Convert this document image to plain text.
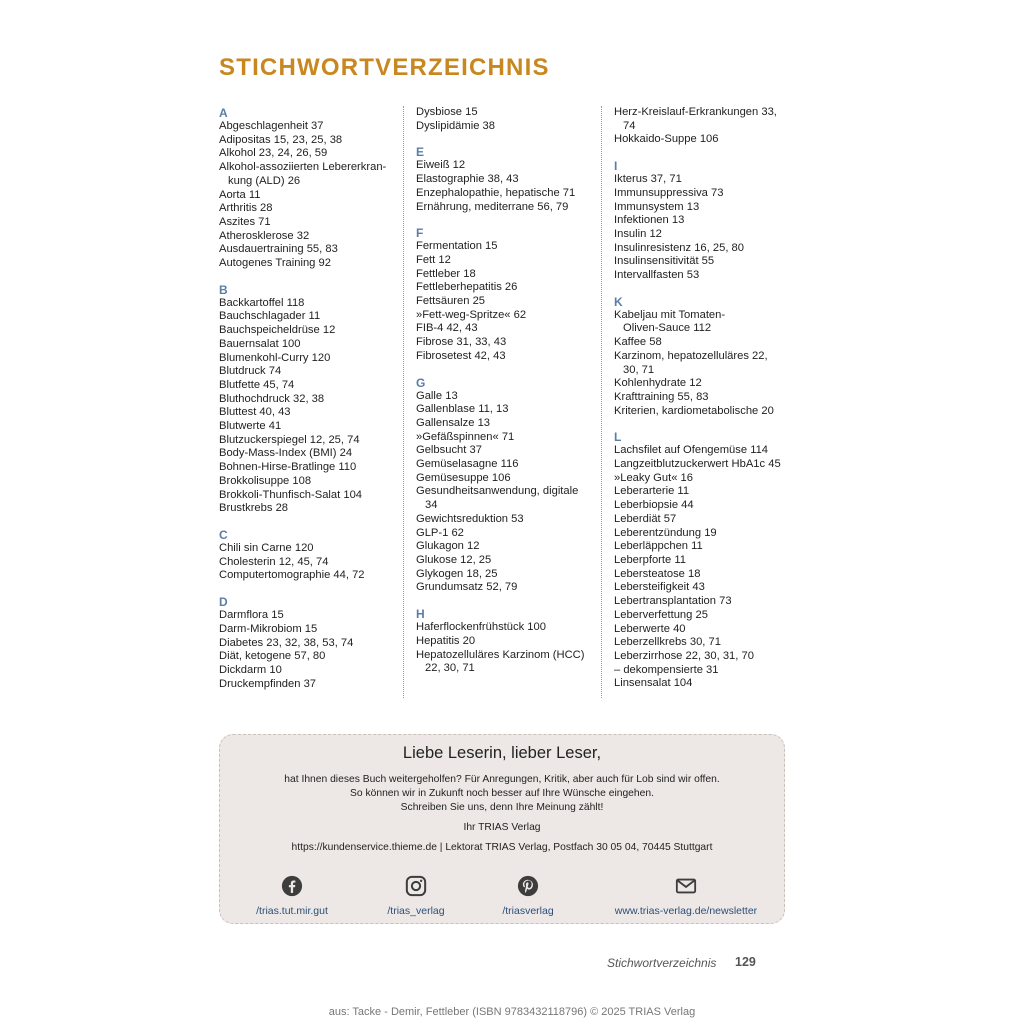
STICHWORTVERZEICHNIS
A
Abgeschlagenheit 37
Adipositas 15, 23, 25, 38
Alkohol 23, 24, 26, 59
Alkohol-assoziierten Lebererkran-
kung (ALD) 26
Aorta 11
Arthritis 28
Aszites 71
Atherosklerose 32
Ausdauertraining 55, 83
Autogenes Training 92
B
Backkartoffel 118
Bauchschlagader 11
Bauchspeicheldrüse 12
Bauernsalat 100
Blumenkohl-Curry 120
Blutdruck 74
Blutfette 45, 74
Bluthochdruck 32, 38
Bluttest 40, 43
Blutwerte 41
Blutzuckerspiegel 12, 25, 74
Body-Mass-Index (BMI) 24
Bohnen-Hirse-Bratlinge 110
Brokkolisuppe 108
Brokkoli-Thunfisch-Salat 104
Brustkrebs 28
C
Chili sin Carne 120
Cholesterin 12, 45, 74
Computertomographie 44, 72
D
Darmflora 15
Darm-Mikrobiom 15
Diabetes 23, 32, 38, 53, 74
Diät, ketogene 57, 80
Dickdarm 10
Druckempfinden 37
Dysbiose 15
Dyslipidämie 38
E
Eiweiß 12
Elastographie 38, 43
Enzephalopathie, hepatische 71
Ernährung, mediterrane 56, 79
F
Fermentation 15
Fett 12
Fettleber 18
Fettleberhepatitis 26
Fettsäuren 25
»Fett-weg-Spritze« 62
FIB-4 42, 43
Fibrose 31, 33, 43
Fibrosetest 42, 43
G
Galle 13
Gallenblase 11, 13
Gallensalze 13
»Gefäßspinnen« 71
Gelbsucht 37
Gemüselasagne 116
Gemüsesuppe 106
Gesundheitsanwendung, digitale
34
Gewichtsreduktion 53
GLP-1 62
Glukagon 12
Glukose 12, 25
Glykogen 18, 25
Grundumsatz 52, 79
H
Haferflockenfrühstück 100
Hepatitis 20
Hepatozelluläres Karzinom (HCC)
22, 30, 71
Herz-Kreislauf-Erkrankungen 33,
74
Hokkaido-Suppe 106
I
Ikterus 37, 71
Immunsuppressiva 73
Immunsystem 13
Infektionen 13
Insulin 12
Insulinresistenz 16, 25, 80
Insulinsensitivität 55
Intervallfasten 53
K
Kabeljau mit Tomaten-
Oliven-Sauce 112
Kaffee 58
Karzinom, hepatozelluläres 22,
30, 71
Kohlenhydrate 12
Krafttraining 55, 83
Kriterien, kardiometabolische 20
L
Lachsfilet auf Ofengemüse 114
Langzeitblutzuckerwert HbA1c 45
»Leaky Gut« 16
Leberarterie 11
Leberbiopsie 44
Leberdiät 57
Leberentzündung 19
Leberläppchen 11
Leberpforte 11
Lebersteatose 18
Lebersteifigkeit 43
Lebertransplantation 73
Leberverfettung 25
Leberwerte 40
Leberzellkrebs 30, 71
Leberzirrhose 22, 30, 31, 70
– dekompensierte 31
Linsensalat 104
Liebe Leserin, lieber Leser,
hat Ihnen dieses Buch weitergeholfen? Für Anregungen, Kritik, aber auch für Lob sind wir offen.
So können wir in Zukunft noch besser auf Ihre Wünsche eingehen.
Schreiben Sie uns, denn Ihre Meinung zählt!
Ihr TRIAS Verlag
https://kundenservice.thieme.de | Lektorat TRIAS Verlag, Postfach 30 05 04, 70445 Stuttgart
/trias.tut.mir.gut	/trias_verlag	/triasverlag	www.trias-verlag.de/newsletter
Stichwortverzeichnis 129
aus: Tacke - Demir, Fettleber (ISBN 9783432118796) © 2025 TRIAS Verlag
